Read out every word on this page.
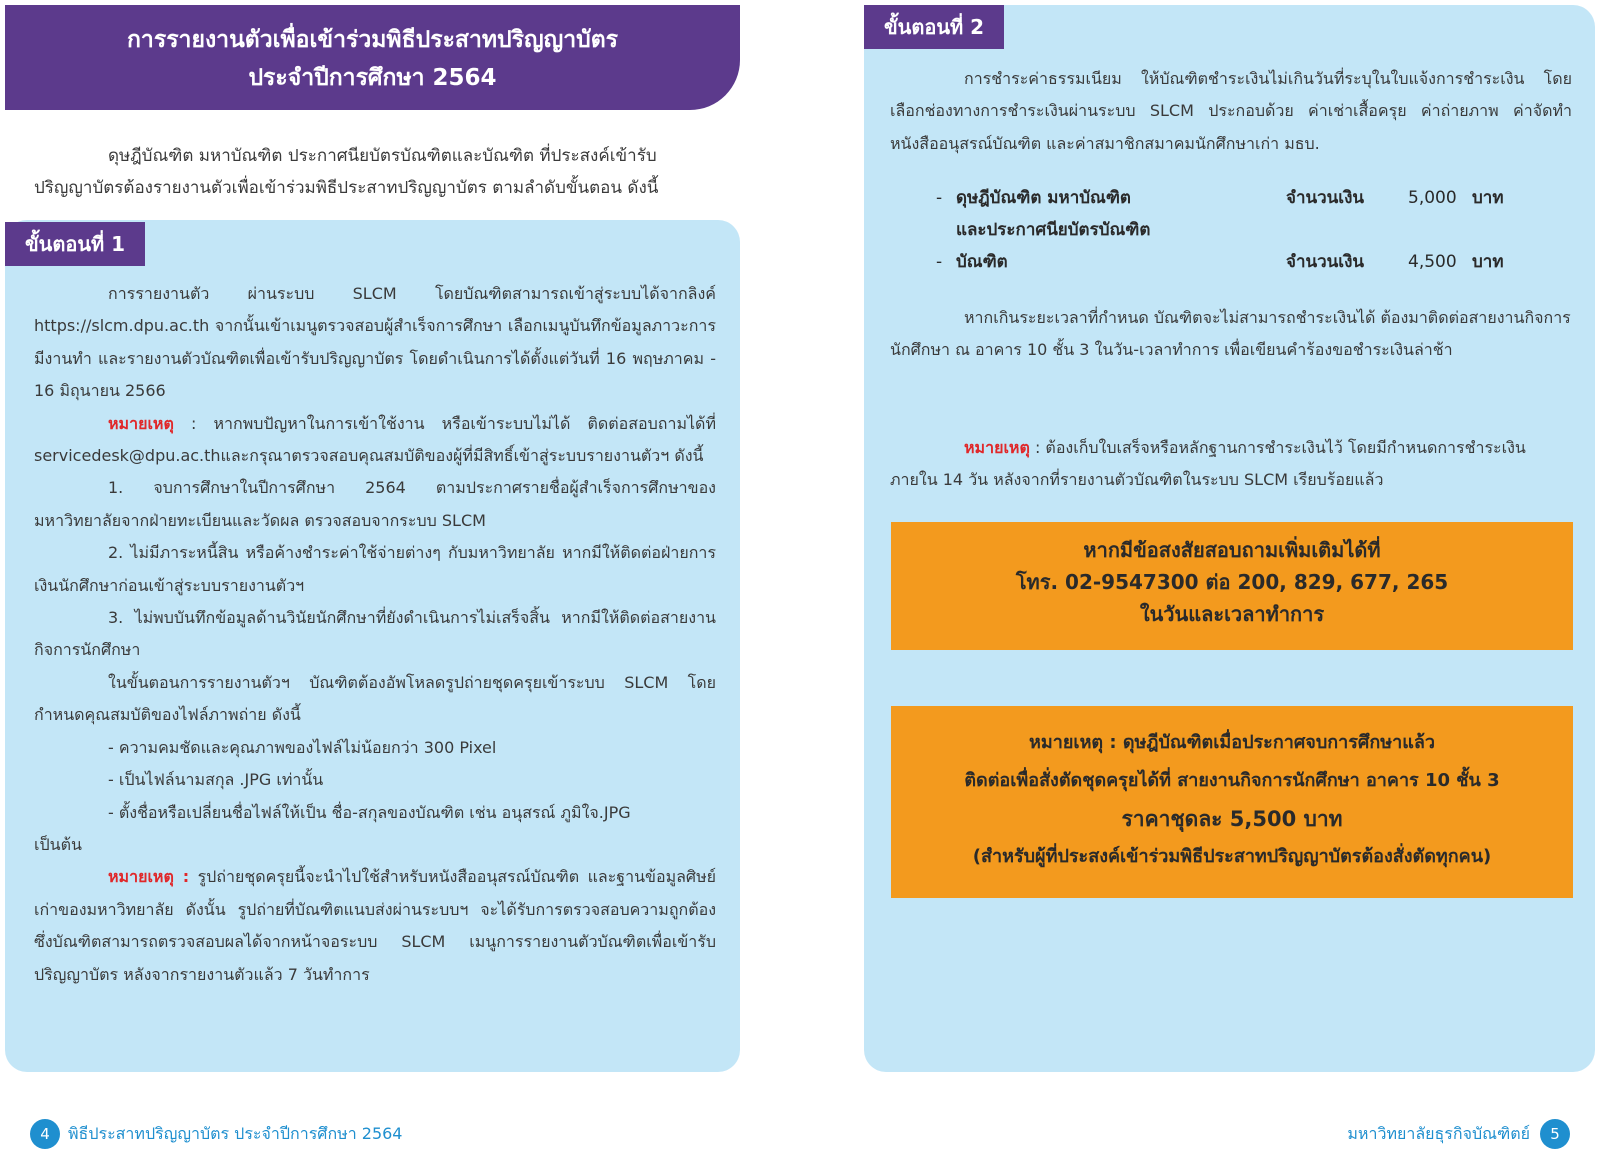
การรายงานตัวเพื่อเข้าร่วมพิธีประสาทปริญญาบัตร
ประจำปีการศึกษา 2564
ดุษฎีบัณฑิต มหาบัณฑิต ประกาศนียบัตรบัณฑิตและบัณฑิต ที่ประสงค์เข้ารับ
ปริญญาบัตรต้องรายงานตัวเพื่อเข้าร่วมพิธีประสาทปริญญาบัตร ตามลำดับขั้นตอน ดังนี้
ขั้นตอนที่ 1

การรายงานตัว ผ่านระบบ SLCM โดยบัณฑิตสามารถเข้าสู่ระบบได้จากลิงค์ https://slcm.dpu.ac.th จากนั้นเข้าเมนูตรวจสอบผู้สำเร็จการศึกษา เลือกเมนูบันทึกข้อมูลภาวะการมีงานทำ และรายงานตัวบัณฑิตเพื่อเข้ารับปริญญาบัตร โดยดำเนินการได้ตั้งแต่วันที่ 16 พฤษภาคม - 16 มิถุนายน 2566

หมายเหตุ : หากพบปัญหาในการเข้าใช้งาน หรือเข้าระบบไม่ได้ ติดต่อสอบถามได้ที่ servicedesk@dpu.ac.thและกรุณาตรวจสอบคุณสมบัติของผู้ที่มีสิทธิ์เข้าสู่ระบบรายงานตัวฯ ดังนี้

1. จบการศึกษาในปีการศึกษา 2564 ตามประกาศรายชื่อผู้สำเร็จการศึกษาของมหาวิทยาลัยจากฝ่ายทะเบียนและวัดผล ตรวจสอบจากระบบ SLCM

2. ไม่มีภาระหนี้สิน หรือค้างชำระค่าใช้จ่ายต่างๆ กับมหาวิทยาลัย หากมีให้ติดต่อฝ่ายการเงินนักศึกษาก่อนเข้าสู่ระบบรายงานตัวฯ

3. ไม่พบบันทึกข้อมูลด้านวินัยนักศึกษาที่ยังดำเนินการไม่เสร็จสิ้น หากมีให้ติดต่อสายงานกิจการนักศึกษา

ในขั้นตอนการรายงานตัวฯ บัณฑิตต้องอัพโหลดรูปถ่ายชุดครุยเข้าระบบ SLCM โดยกำหนดคุณสมบัติของไฟล์ภาพถ่าย ดังนี้

- ความคมชัดและคุณภาพของไฟล์ไม่น้อยกว่า 300 Pixel
- เป็นไฟล์นามสกุล .JPG เท่านั้น
- ตั้งชื่อหรือเปลี่ยนชื่อไฟล์ให้เป็น ชื่อ-สกุลของบัณฑิต เช่น อนุสรณ์ ภูมิใจ.JPG
เป็นต้น

หมายเหตุ : รูปถ่ายชุดครุยนี้จะนำไปใช้สำหรับหนังสืออนุสรณ์บัณฑิต และฐานข้อมูลศิษย์เก่าของมหาวิทยาลัย ดังนั้น รูปถ่ายที่บัณฑิตแนบส่งผ่านระบบฯ จะได้รับการตรวจสอบความถูกต้อง ซึ่งบัณฑิตสามารถตรวจสอบผลได้จากหน้าจอระบบ SLCM เมนูการรายงานตัวบัณฑิตเพื่อเข้ารับปริญญาบัตร หลังจากรายงานตัวแล้ว 7 วันทำการ

4 พิธีประสาทปริญญาบัตร ประจำปีการศึกษา 2564
ขั้นตอนที่ 2

การชำระค่าธรรมเนียม ให้บัณฑิตชำระเงินไม่เกินวันที่ระบุในใบแจ้งการชำระเงิน โดยเลือกช่องทางการชำระเงินผ่านระบบ SLCM ประกอบด้วย ค่าเช่าเสื้อครุย ค่าถ่ายภาพ ค่าจัดทำหนังสืออนุสรณ์บัณฑิต และค่าสมาชิกสมาคมนักศึกษาเก่า มธบ.

- ดุษฎีบัณฑิต มหาบัณฑิต	จำนวนเงิน	5,000 บาท
และประกาศนียบัตรบัณฑิต
- บัณฑิต	จำนวนเงิน	4,500 บาท

หากเกินระยะเวลาที่กำหนด บัณฑิตจะไม่สามารถชำระเงินได้ ต้องมาติดต่อสายงานกิจการนักศึกษา ณ อาคาร 10 ชั้น 3 ในวัน-เวลาทำการ เพื่อเขียนคำร้องขอชำระเงินล่าช้า

หมายเหตุ : ต้องเก็บใบเสร็จหรือหลักฐานการชำระเงินไว้ โดยมีกำหนดการชำระเงินภายใน 14 วัน หลังจากที่รายงานตัวบัณฑิตในระบบ SLCM เรียบร้อยแล้ว

หากมีข้อสงสัยสอบถามเพิ่มเติมได้ที่
โทร. 02-9547300 ต่อ 200, 829, 677, 265
ในวันและเวลาทำการ
หมายเหตุ : ดุษฎีบัณฑิตเมื่อประกาศจบการศึกษาแล้ว
ติดต่อเพื่อสั่งตัดชุดครุยได้ที่ สายงานกิจการนักศึกษา อาคาร 10 ชั้น 3
ราคาชุดละ 5,500 บาท
(สำหรับผู้ที่ประสงค์เข้าร่วมพิธีประสาทปริญญาบัตรต้องสั่งตัดทุกคน)
มหาวิทยาลัยธุรกิจบัณฑิตย์ 5
